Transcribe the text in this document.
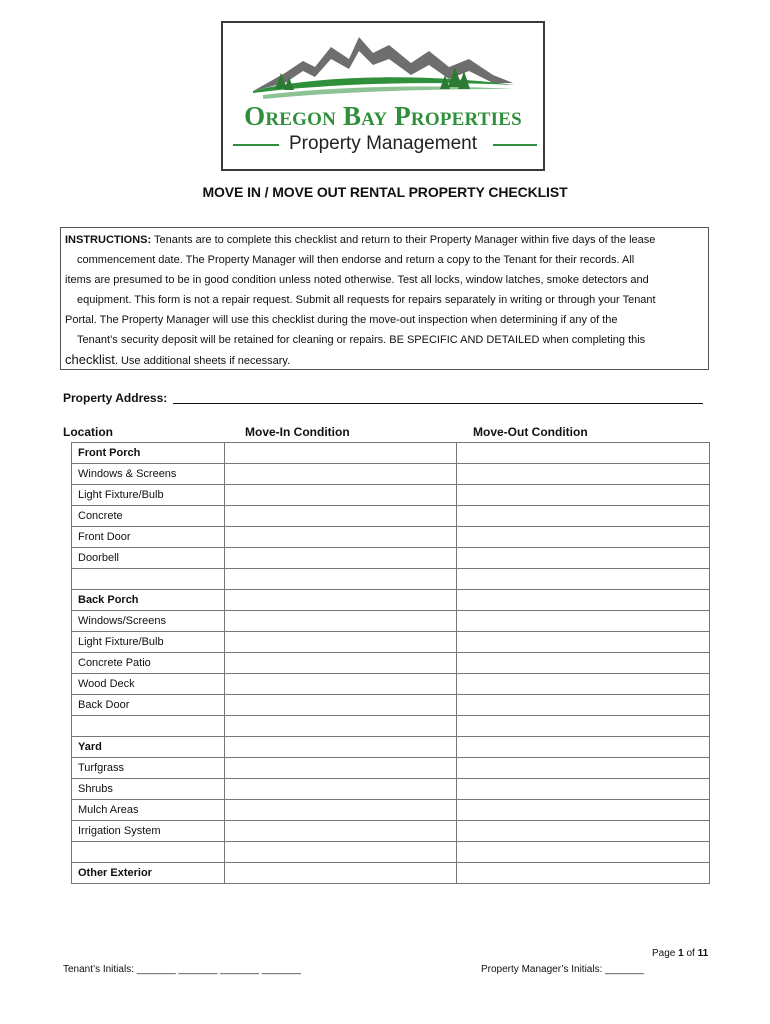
Oregon Bay Properties
Property Management
MOVE IN / MOVE OUT RENTAL PROPERTY CHECKLIST

INSTRUCTIONS: Tenants are to complete this checklist and return to their Property Manager within five days of the lease

commencement date. The Property Manager will then endorse and return a copy to the Tenant for their records. All

items are presumed to be in good condition unless noted otherwise. Test all locks, window latches, smoke detectors and

equipment. This form is not a repair request. Submit all requests for repairs separately in writing or through your Tenant

Portal. The Property Manager will use this checklist during the move-out inspection when determining if any of the

Tenant’s security deposit will be retained for cleaning or repairs. BE SPECIFIC AND DETAILED when completing this

checklist. Use additional sheets if necessary.

Property Address:
Location	Move-In Condition	Move-Out Condition
Front Porch		
Windows & Screens		
Light Fixture/Bulb		
Concrete		
Front Door		
Doorbell		

Back Porch		
Windows/Screens		
Light Fixture/Bulb		
Concrete Patio		
Wood Deck		
Back Door		

Yard		
Turfgrass		
Shrubs		
Mulch Areas		
Irrigation System		

Other Exterior		
Page 1 of 11
Tenant’s Initials: _______ _______ _______ _______	Property Manager’s Initials: _______
